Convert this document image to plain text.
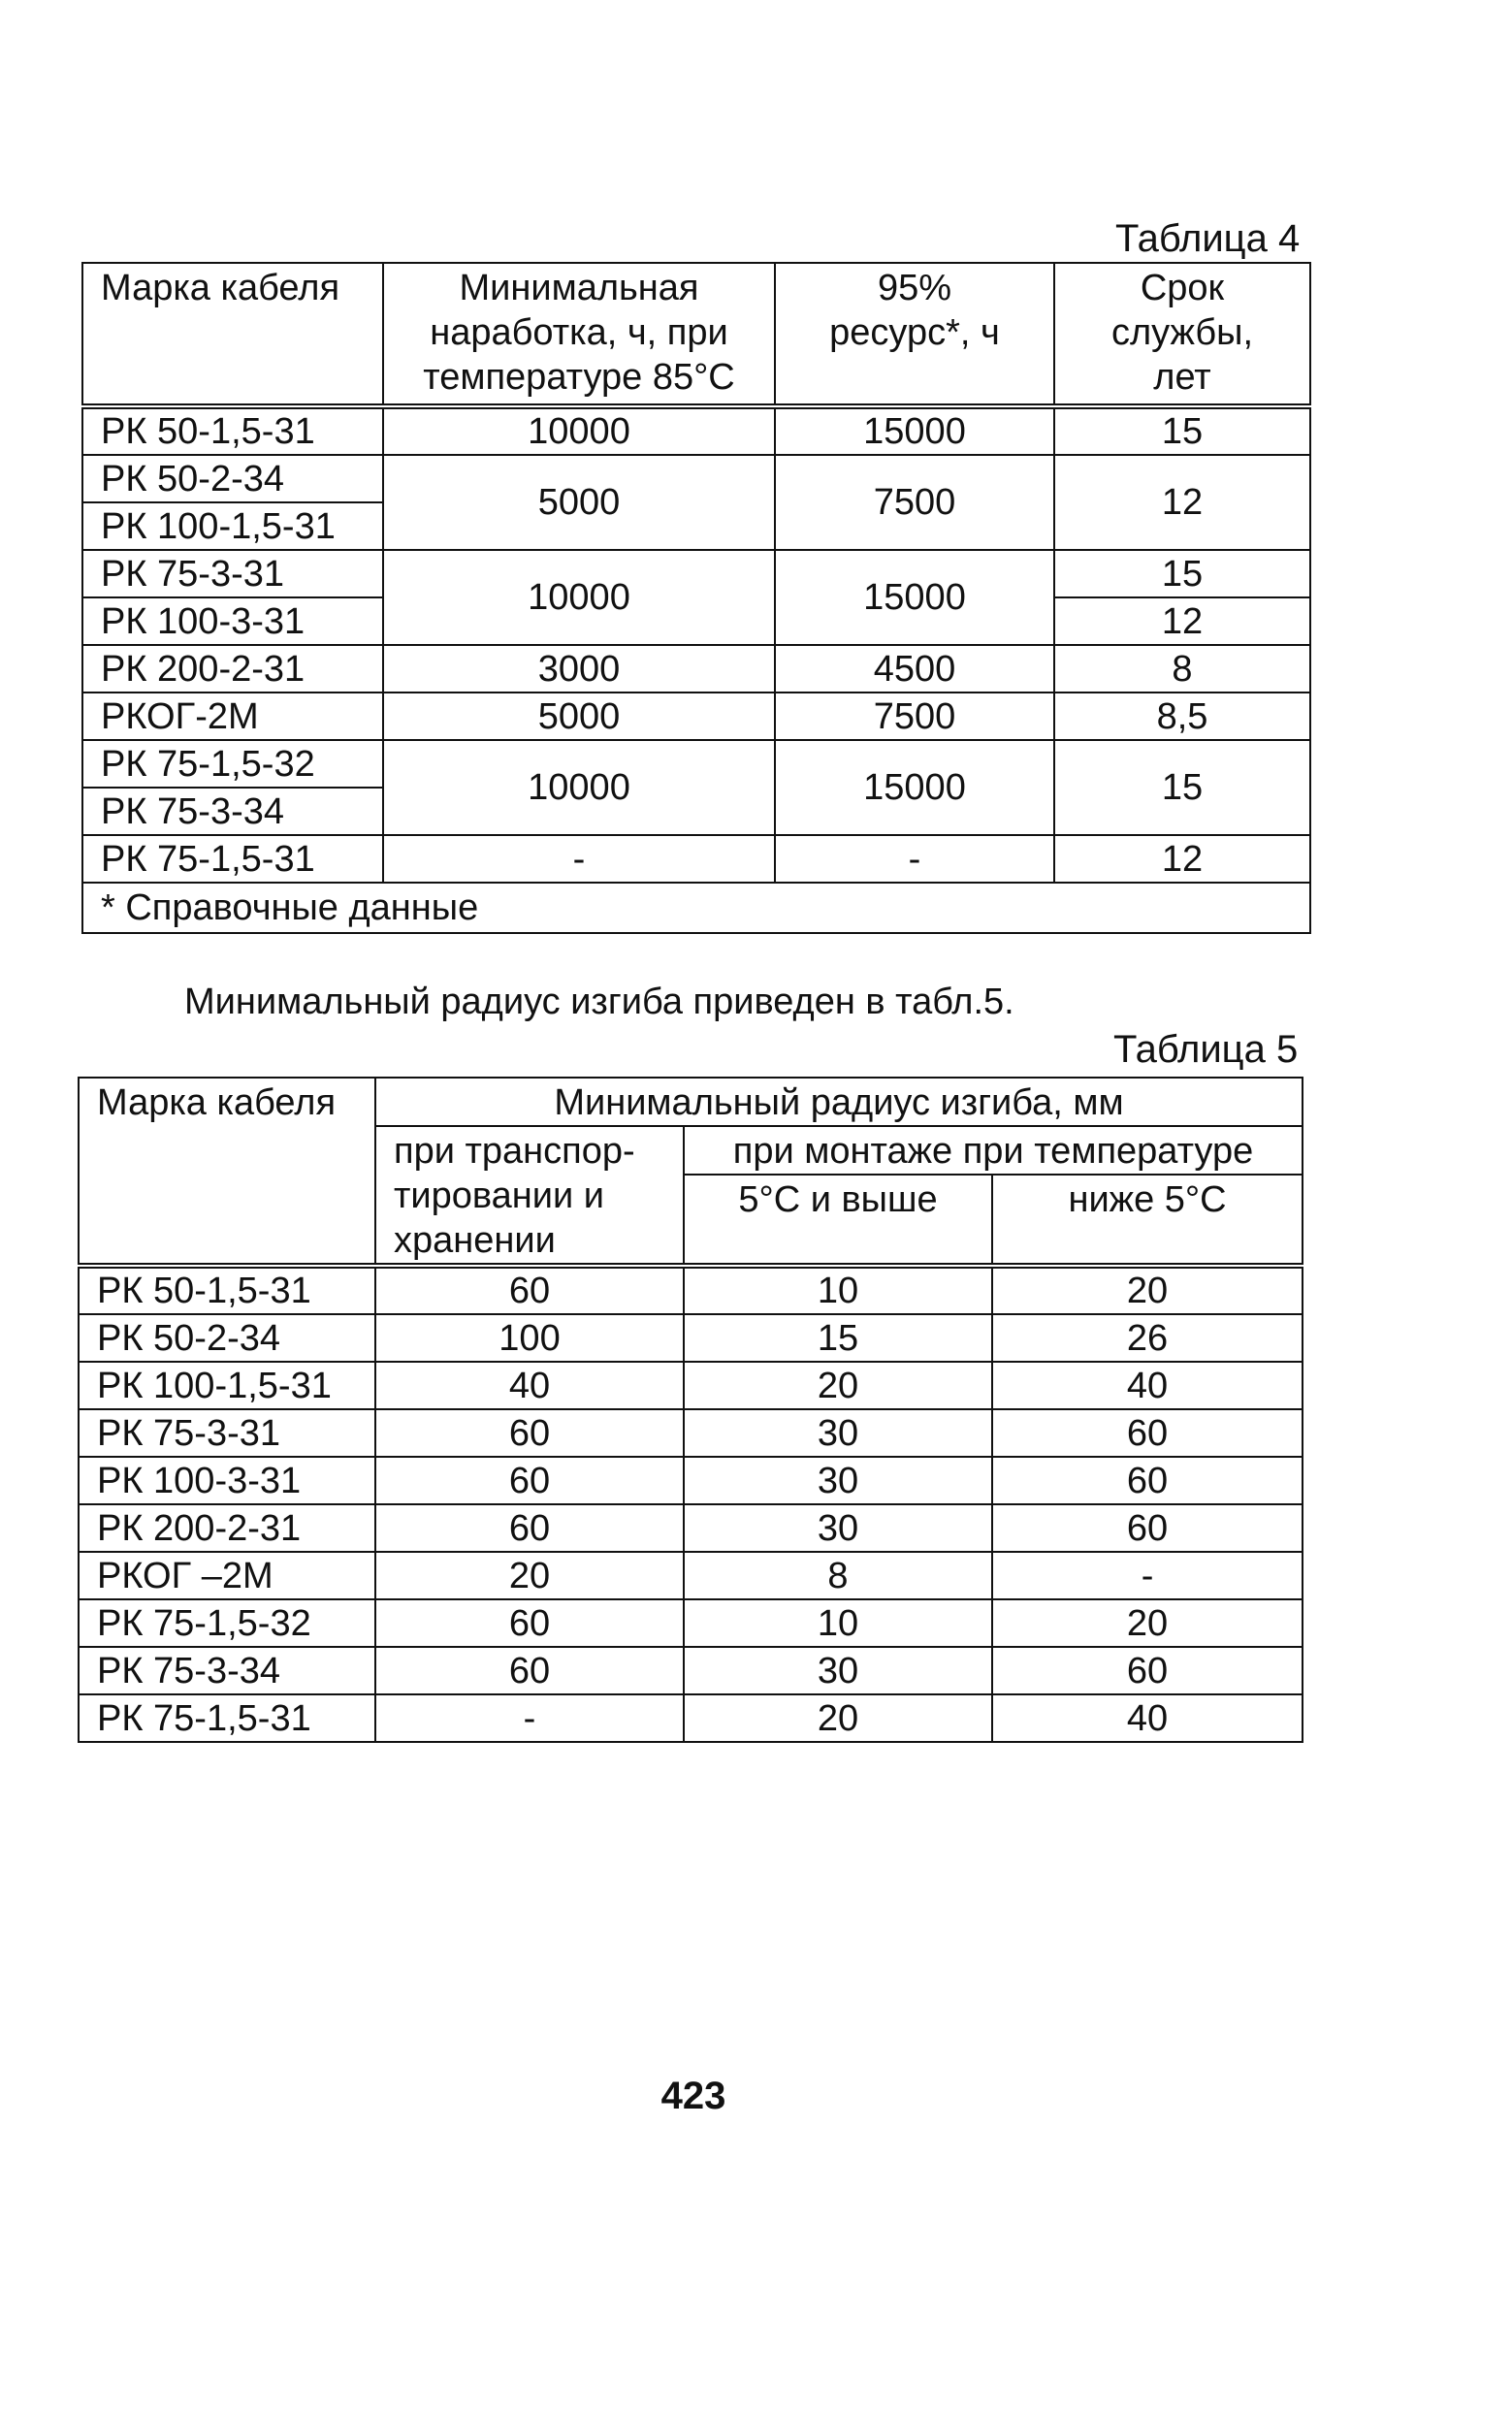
Таблица 4
Марка кабеля	Минимальная наработка, ч, при температуре 85°С	95% ресурс*, ч	Срок службы, лет
РК 50-1,5-31	10000	15000	15
РК 50-2-34	5000	7500	12
РК 100-1,5-31			
РК 75-3-31	10000	15000	15
РК 100-3-31			12
РК 200-2-31	3000	4500	8
РКОГ-2М	5000	7500	8,5
РК 75-1,5-32	10000	15000	15
РК 75-3-34			
РК 75-1,5-31	-	-	12
* Справочные данные			
Минимальный радиус изгиба приведен в табл.5.
Таблица 5
Марка кабеля	Минимальный радиус изгиба, мм		
	при транспор-тировании и хранении	при монтаже при температуре	
		5°С и выше	ниже 5°С
РК 50-1,5-31	60	10	20
РК 50-2-34	100	15	26
РК 100-1,5-31	40	20	40
РК 75-3-31	60	30	60
РК 100-3-31	60	30	60
РК 200-2-31	60	30	60
РКОГ –2М	20	8	-
РК 75-1,5-32	60	10	20
РК 75-3-34	60	30	60
РК 75-1,5-31	-	20	40
423
